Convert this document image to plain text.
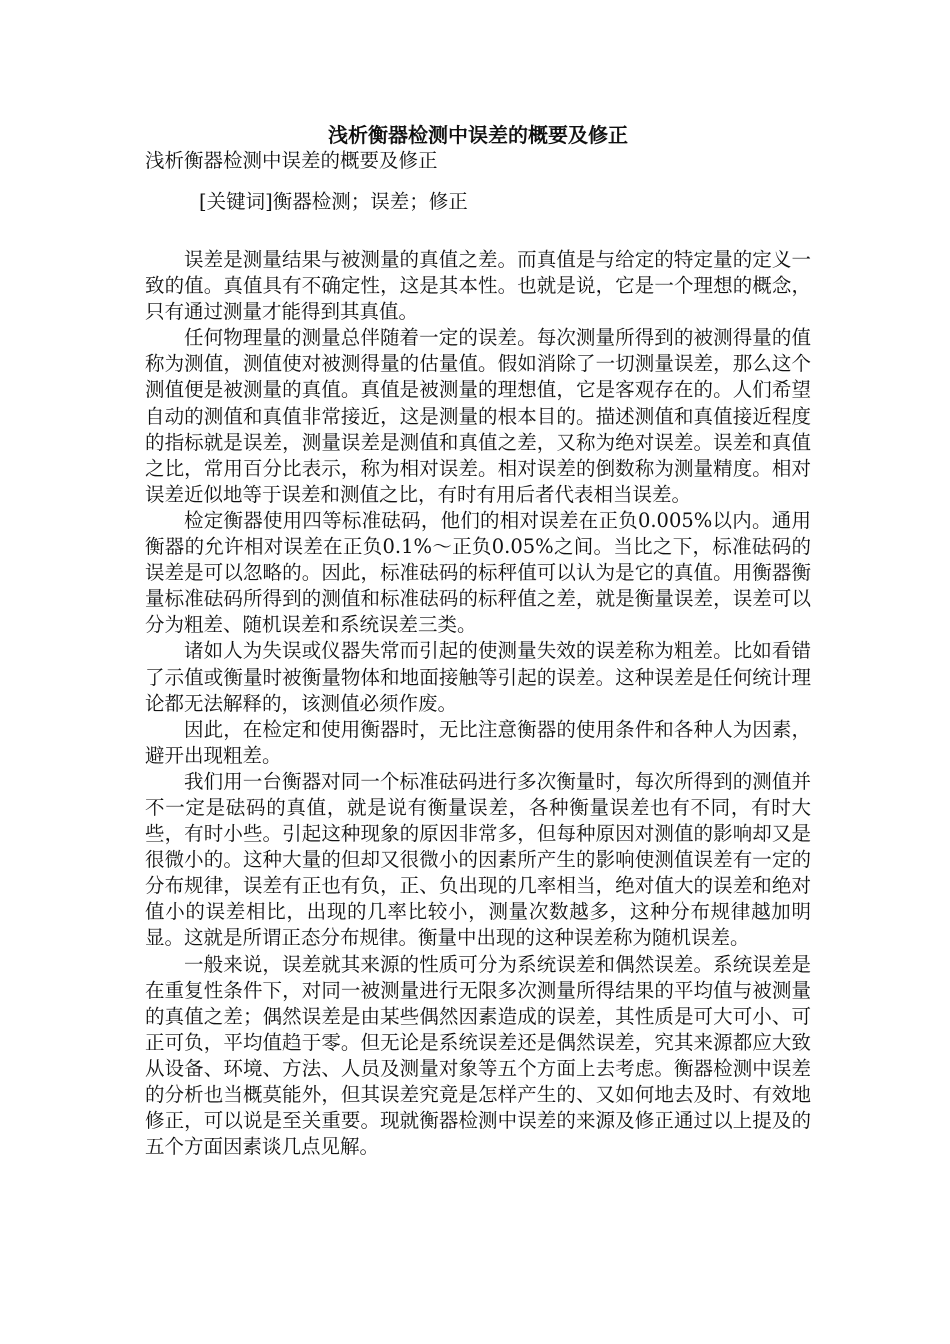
浅析衡器检测中误差的概要及修正

浅析衡器检测中误差的概要及修正

[关键词]衡器检测；误差；修正

误差是测量结果与被测量的真值之差。而真值是与给定的特定量的定义一致的值。真值具有不确定性，这是其本性。也就是说，它是一个理想的概念，只有通过测量才能得到其真值。

任何物理量的测量总伴随着一定的误差。每次测量所得到的被测得量的值称为测值，测值使对被测得量的估量值。假如消除了一切测量误差，那么这个测值便是被测量的真值。真值是被测量的理想值，它是客观存在的。人们希望自动的测值和真值非常接近，这是测量的根本目的。描述测值和真值接近程度的指标就是误差，测量误差是测值和真值之差，又称为绝对误差。误差和真值之比，常用百分比表示，称为相对误差。相对误差的倒数称为测量精度。相对误差近似地等于误差和测值之比，有时有用后者代表相当误差。

检定衡器使用四等标准砝码，他们的相对误差在正负0.005%以内。通用衡器的允许相对误差在正负0.1%～正负0.05%之间。当比之下，标准砝码的误差是可以忽略的。因此，标准砝码的标秤值可以认为是它的真值。用衡器衡量标准砝码所得到的测值和标准砝码的标秤值之差，就是衡量误差，误差可以分为粗差、随机误差和系统误差三类。

诸如人为失误或仪器失常而引起的使测量失效的误差称为粗差。比如看错了示值或衡量时被衡量物体和地面接触等引起的误差。这种误差是任何统计理论都无法解释的，该测值必须作废。

因此，在检定和使用衡器时，无比注意衡器的使用条件和各种人为因素，避开出现粗差。

我们用一台衡器对同一个标准砝码进行多次衡量时，每次所得到的测值并不一定是砝码的真值，就是说有衡量误差，各种衡量误差也有不同，有时大些，有时小些。引起这种现象的原因非常多，但每种原因对测值的影响却又是很微小的。这种大量的但却又很微小的因素所产生的影响使测值误差有一定的分布规律，误差有正也有负，正、负出现的几率相当，绝对值大的误差和绝对值小的误差相比，出现的几率比较小，测量次数越多，这种分布规律越加明显。这就是所谓正态分布规律。衡量中出现的这种误差称为随机误差。

一般来说，误差就其来源的性质可分为系统误差和偶然误差。系统误差是在重复性条件下，对同一被测量进行无限多次测量所得结果的平均值与被测量的真值之差；偶然误差是由某些偶然因素造成的误差，其性质是可大可小、可正可负，平均值趋于零。但无论是系统误差还是偶然误差，究其来源都应大致从设备、环境、方法、人员及测量对象等五个方面上去考虑。衡器检测中误差的分析也当概莫能外，但其误差究竟是怎样产生的、又如何地去及时、有效地修正，可以说是至关重要。现就衡器检测中误差的来源及修正通过以上提及的五个方面因素谈几点见解。
